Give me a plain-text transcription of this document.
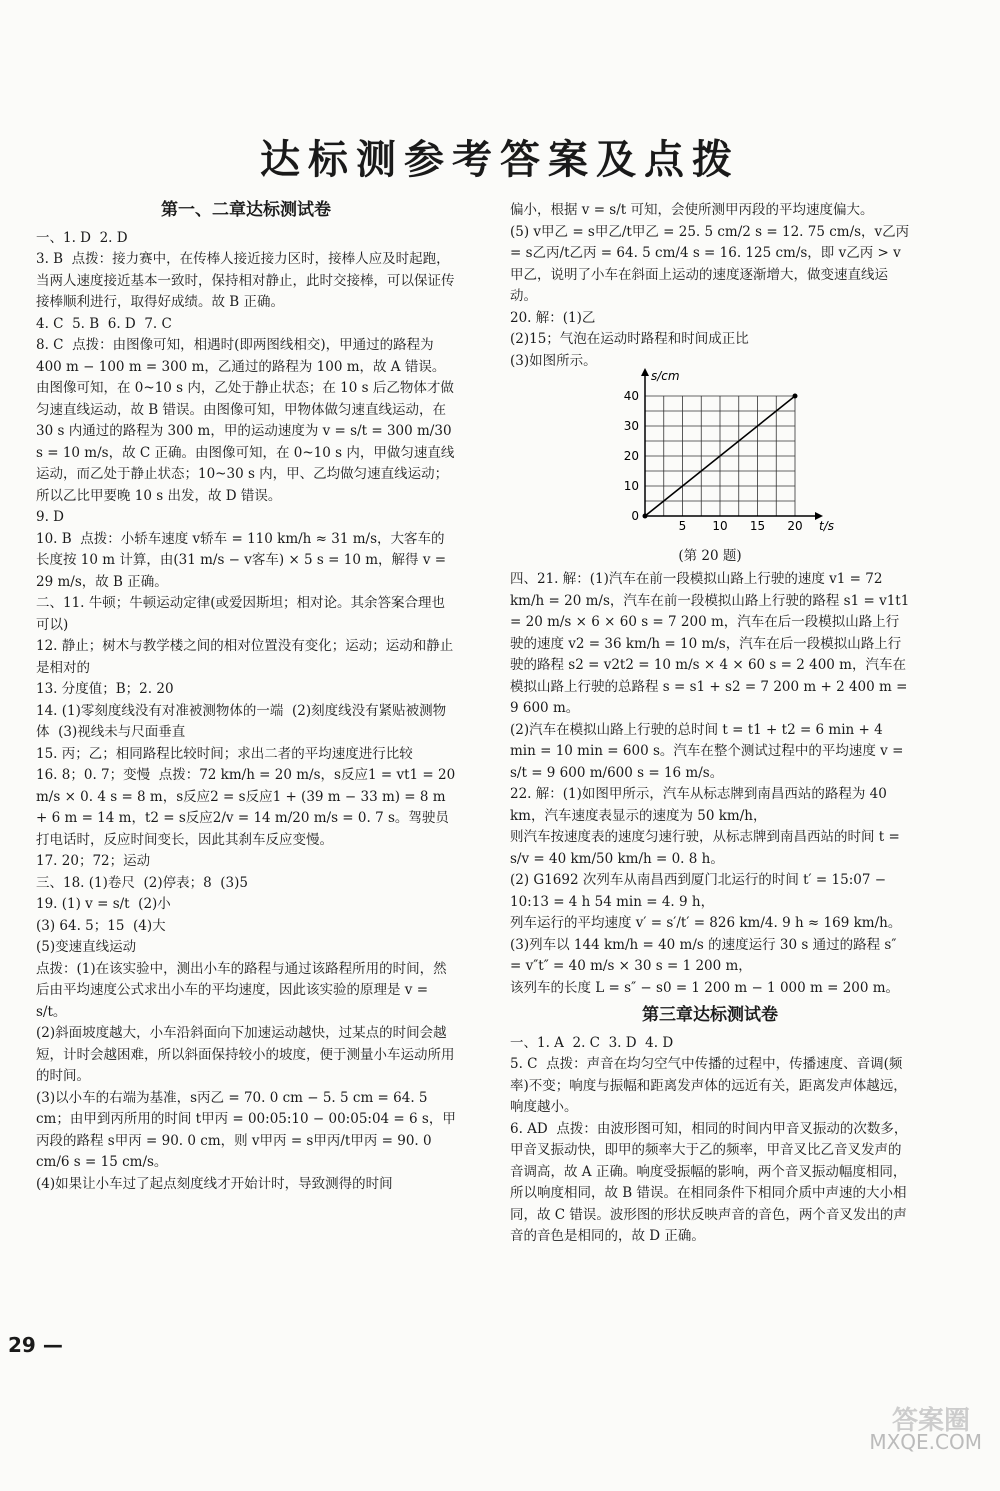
达标测参考答案及点拨
第一、二章达标测试卷

一、1. D  2. D

3. B  点拨：接力赛中，在传棒人接近接力区时，接棒人应及时起跑，当两人速度接近基本一致时，保持相对静止，此时交接棒，可以保证传接棒顺利进行，取得好成绩。故 B 正确。

4. C  5. B  6. D  7. C

8. C  点拨：由图像可知，相遇时(即两图线相交)，甲通过的路程为 400 m − 100 m = 300 m，乙通过的路程为 100 m，故 A 错误。由图像可知，在 0~10 s 内，乙处于静止状态；在 10 s 后乙物体才做匀速直线运动，故 B 错误。由图像可知，甲物体做匀速直线运动，在 30 s 内通过的路程为 300 m，甲的运动速度为 v = s/t = 300 m/30 s = 10 m/s，故 C 正确。由图像可知，在 0~10 s 内，甲做匀速直线运动，而乙处于静止状态；10~30 s 内，甲、乙均做匀速直线运动；所以乙比甲要晚 10 s 出发，故 D 错误。

9. D

10. B  点拨：小轿车速度 v轿车 = 110 km/h ≈ 31 m/s，大客车的长度按 10 m 计算，由(31 m/s − v客车) × 5 s = 10 m，解得 v = 29 m/s，故 B 正确。

二、11. 牛顿；牛顿运动定律(或爱因斯坦；相对论。其余答案合理也可以)

12. 静止；树木与教学楼之间的相对位置没有变化；运动；运动和静止是相对的

13. 分度值；B；2. 20

14. (1)零刻度线没有对准被测物体的一端  (2)刻度线没有紧贴被测物体  (3)视线未与尺面垂直

15. 丙；乙；相同路程比较时间；求出二者的平均速度进行比较

16. 8；0. 7；变慢  点拨：72 km/h = 20 m/s，s反应1 = vt1 = 20 m/s × 0. 4 s = 8 m，s反应2 = s反应1 + (39 m − 33 m) = 8 m + 6 m = 14 m，t2 = s反应2/v = 14 m/20 m/s = 0. 7 s。驾驶员打电话时，反应时间变长，因此其刹车反应变慢。

17. 20；72；运动

三、18. (1)卷尺  (2)停表；8  (3)5

19. (1) v = s/t  (2)小

(3) 64. 5；15  (4)大

(5)变速直线运动

点拨：(1)在该实验中，测出小车的路程与通过该路程所用的时间，然后由平均速度公式求出小车的平均速度，因此该实验的原理是 v = s/t。

(2)斜面坡度越大，小车沿斜面向下加速运动越快，过某点的时间会越短，计时会越困难，所以斜面保持较小的坡度，便于测量小车运动所用的时间。

(3)以小车的右端为基准，s丙乙 = 70. 0 cm − 5. 5 cm = 64. 5 cm；由甲到丙所用的时间 t甲丙 = 00:05:10 − 00:05:04 = 6 s，甲丙段的路程 s甲丙 = 90. 0 cm，则 v甲丙 = s甲丙/t甲丙 = 90. 0 cm/6 s = 15 cm/s。

(4)如果让小车过了起点刻度线才开始计时，导致测得的时间

偏小，根据 v = s/t 可知，会使所测甲丙段的平均速度偏大。

(5) v甲乙 = s甲乙/t甲乙 = 25. 5 cm/2 s = 12. 75 cm/s，v乙丙 = s乙丙/t乙丙 = 64. 5 cm/4 s = 16. 125 cm/s，即 v乙丙 > v甲乙，说明了小车在斜面上运动的速度逐渐增大，做变速直线运动。

20. 解：(1)乙

(2)15；气泡在运动时路程和时间成正比

(3)如图所示。

5 10 15 20
10
20
30
40
0
t/s
s/cm
(第 20 题)

四、21. 解：(1)汽车在前一段模拟山路上行驶的速度 v1 = 72 km/h = 20 m/s，汽车在前一段模拟山路上行驶的路程 s1 = v1t1 = 20 m/s × 6 × 60 s = 7 200 m，汽车在后一段模拟山路上行驶的速度 v2 = 36 km/h = 10 m/s，汽车在后一段模拟山路上行驶的路程 s2 = v2t2 = 10 m/s × 4 × 60 s = 2 400 m，汽车在模拟山路上行驶的总路程 s = s1 + s2 = 7 200 m + 2 400 m = 9 600 m。

(2)汽车在模拟山路上行驶的总时间 t = t1 + t2 = 6 min + 4 min = 10 min = 600 s。汽车在整个测试过程中的平均速度 v = s/t = 9 600 m/600 s = 16 m/s。

22. 解：(1)如图甲所示，汽车从标志牌到南昌西站的路程为 40 km，汽车速度表显示的速度为 50 km/h，

则汽车按速度表的速度匀速行驶，从标志牌到南昌西站的时间 t = s/v = 40 km/50 km/h = 0. 8 h。

(2) G1692 次列车从南昌西到厦门北运行的时间 t′ = 15:07 − 10:13 = 4 h 54 min = 4. 9 h，

列车运行的平均速度 v′ = s′/t′ = 826 km/4. 9 h ≈ 169 km/h。

(3)列车以 144 km/h = 40 m/s 的速度运行 30 s 通过的路程 s″ = v″t″ = 40 m/s × 30 s = 1 200 m，

该列车的长度 L = s″ − s0 = 1 200 m − 1 000 m = 200 m。

第三章达标测试卷

一、1. A  2. C  3. D  4. D

5. C  点拨：声音在均匀空气中传播的过程中，传播速度、音调(频率)不变；响度与振幅和距离发声体的远近有关，距离发声体越远，响度越小。

6. AD  点拨：由波形图可知，相同的时间内甲音叉振动的次数多，甲音叉振动快，即甲的频率大于乙的频率，甲音叉比乙音叉发声的音调高，故 A 正确。响度受振幅的影响，两个音叉振动幅度相同，所以响度相同，故 B 错误。在相同条件下相同介质中声速的大小相同，故 C 错误。波形图的形状反映声音的音色，两个音叉发出的声音的音色是相同的，故 D 正确。

29 —
答案圈
MXQE.COM
